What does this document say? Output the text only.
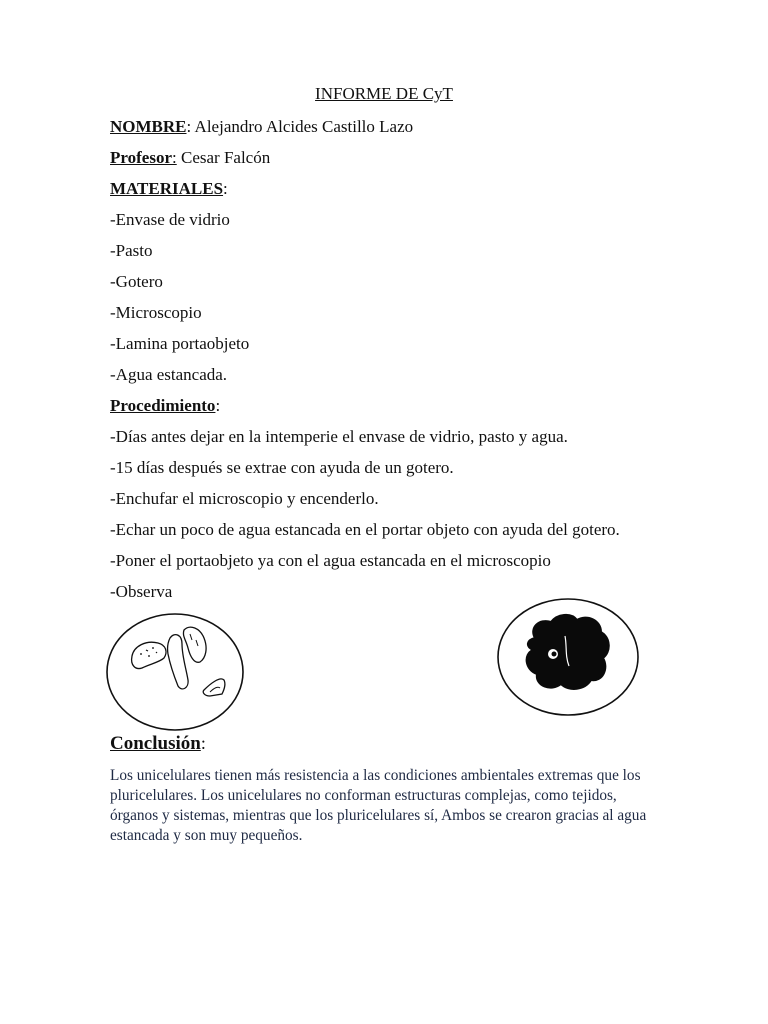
INFORME DE CyT
NOMBRE: Alejandro Alcides Castillo Lazo
Profesor: Cesar Falcón
MATERIALES:
-Envase de vidrio
-Pasto
-Gotero
-Microscopio
-Lamina portaobjeto
-Agua estancada.
Procedimiento:
-Días antes dejar en la intemperie el envase de vidrio, pasto y agua.
-15 días después se extrae con ayuda de un gotero.
-Enchufar el microscopio y encenderlo.
-Echar un poco de agua estancada en el portar objeto con ayuda del gotero.
-Poner el portaobjeto ya con el agua estancada en el microscopio
-Observa
Conclusión:
Los unicelulares tienen más resistencia a las condiciones ambientales extremas que los pluricelulares. Los unicelulares no conforman estructuras complejas, como tejidos, órganos y sistemas, mientras que los pluricelulares sí, Ambos se crearon gracias al agua estancada y son muy pequeños.
